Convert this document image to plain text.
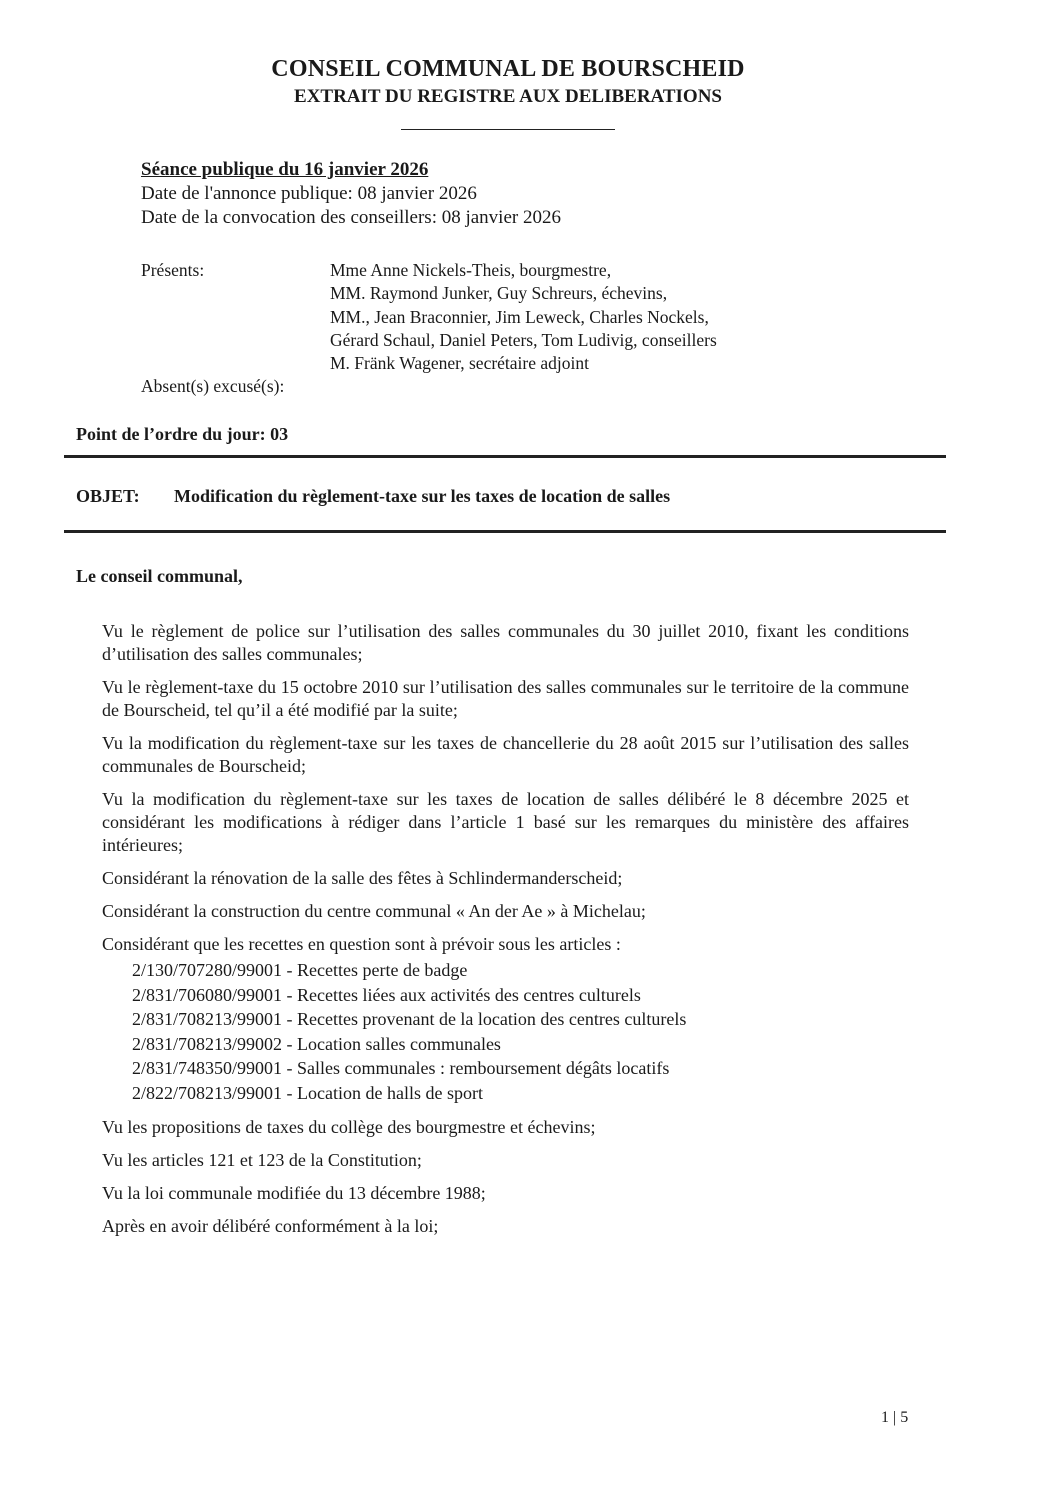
CONSEIL COMMUNAL DE BOURSCHEID
EXTRAIT DU REGISTRE AUX DELIBERATIONS
Séance publique du 16 janvier 2026
Date de l'annonce publique: 08 janvier 2026
Date de la convocation des conseillers: 08 janvier 2026
Présents:	Mme Anne Nickels-Theis, bourgmestre,
MM. Raymond Junker, Guy Schreurs, échevins,
MM., Jean Braconnier, Jim Leweck, Charles Nockels,
Gérard Schaul, Daniel Peters, Tom Ludivig, conseillers
M. Fränk Wagener, secrétaire adjoint
Absent(s) excusé(s):
Point de l’ordre du jour: 03
OBJET: Modification du règlement-taxe sur les taxes de location de salles
Le conseil communal,

Vu le règlement de police sur l’utilisation des salles communales du 30 juillet 2010, fixant les conditions d’utilisation des salles communales;

Vu le règlement-taxe du 15 octobre 2010 sur l’utilisation des salles communales sur le territoire de la commune de Bourscheid, tel qu’il a été modifié par la suite;

Vu la modification du règlement-taxe sur les taxes de chancellerie du 28 août 2015 sur l’utilisation des salles communales de Bourscheid;

Vu la modification du règlement-taxe sur les taxes de location de salles délibéré le 8 décembre 2025 et considérant les modifications à rédiger dans l’article 1 basé sur les remarques du ministère des affaires intérieures;

Considérant la rénovation de la salle des fêtes à Schlindermanderscheid;

Considérant la construction du centre communal « An der Ae » à Michelau;

Considérant que les recettes en question sont à prévoir sous les articles :

2/130/707280/99001 - Recettes perte de badge
2/831/706080/99001 - Recettes liées aux activités des centres culturels
2/831/708213/99001 - Recettes provenant de la location des centres culturels
2/831/708213/99002 - Location salles communales
2/831/748350/99001 - Salles communales : remboursement dégâts locatifs
2/822/708213/99001 - Location de halls de sport

Vu les propositions de taxes du collège des bourgmestre et échevins;

Vu les articles 121 et 123 de la Constitution;

Vu la loi communale modifiée du 13 décembre 1988;

Après en avoir délibéré conformément à la loi;

1 | 5
